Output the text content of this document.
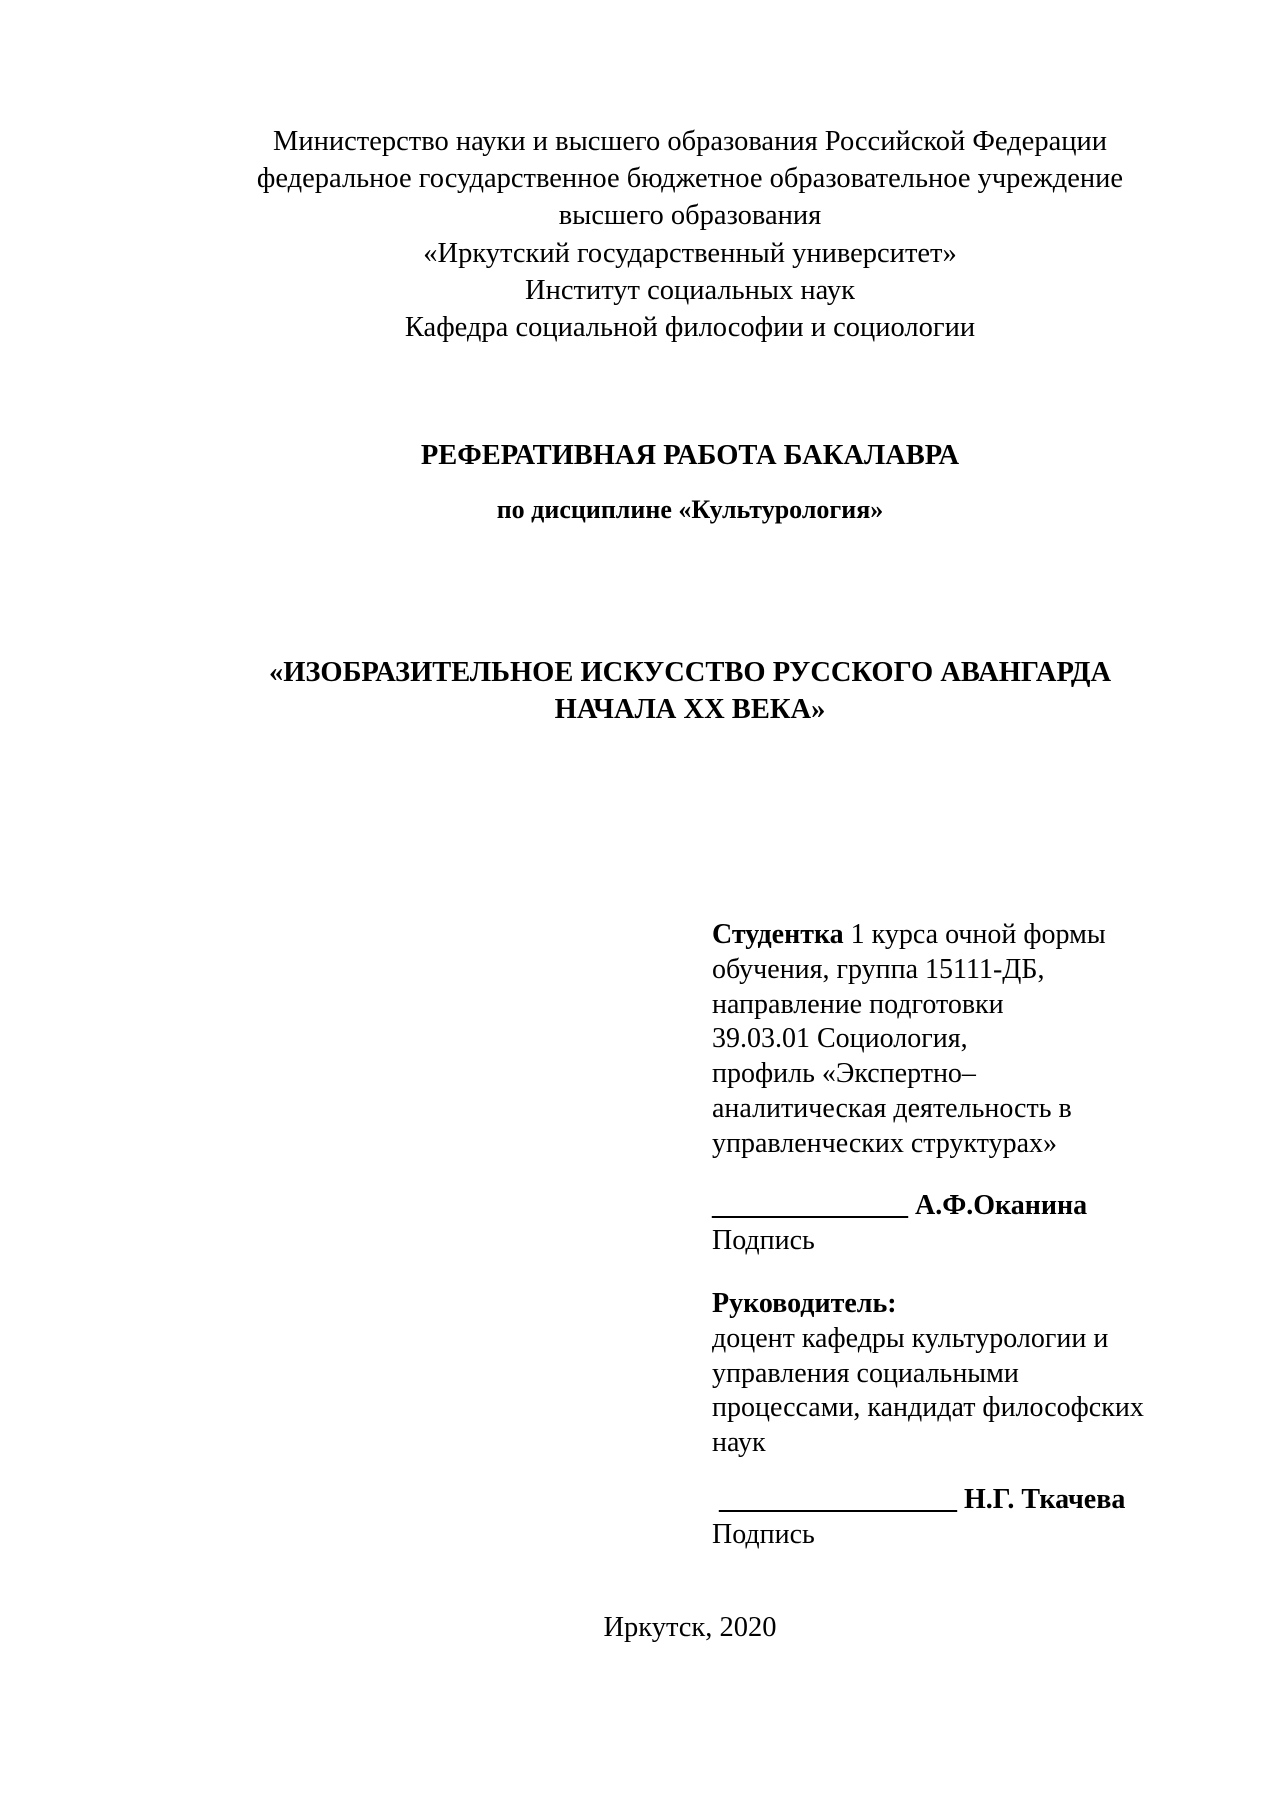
Министерство науки и высшего образования Российской Федерации
федеральное государственное бюджетное образовательное учреждение
высшего образования
«Иркутский государственный университет»
Институт социальных наук
Кафедра социальной философии и социологии
РЕФЕРАТИВНАЯ РАБОТА БАКАЛАВРА
по дисциплине «Культурология»
«ИЗОБРАЗИТЕЛЬНОЕ ИСКУССТВО РУССКОГО АВАНГАРДА
НАЧАЛА XX ВЕКА»
Студентка 1 курса очной формы
обучения, группа 15111-ДБ,
направление подготовки
39.03.01 Социология,
профиль «Экспертно–
аналитическая деятельность в
управленческих структурах»
______________ А.Ф.Оканина
Подпись
Руководитель:
доцент кафедры культурологии и
управления социальными
процессами, кандидат философских
наук
_________________ Н.Г. Ткачева
Подпись
Иркутск, 2020
